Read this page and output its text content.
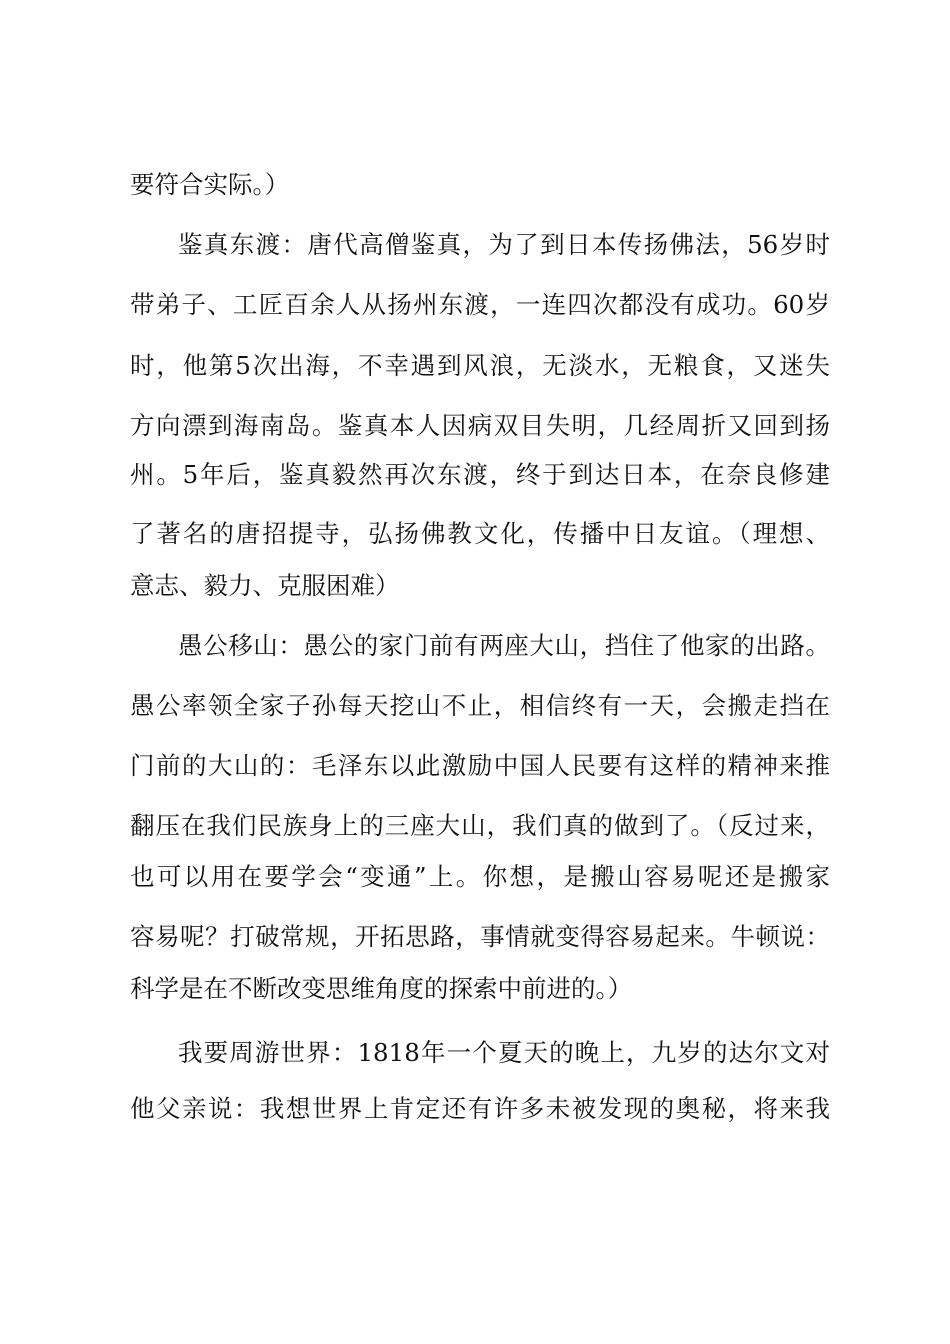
要符合实际。）
鉴真东渡：唐代高僧鉴真，为了到日本传扬佛法，56岁时
带弟子、工匠百余人从扬州东渡，一连四次都没有成功。60岁
时，他第5次出海，不幸遇到风浪，无淡水，无粮食，又迷失
方向漂到海南岛。鉴真本人因病双目失明，几经周折又回到扬
州。5年后，鉴真毅然再次东渡，终于到达日本，在奈良修建
了著名的唐招提寺，弘扬佛教文化，传播中日友谊。（理想、
意志、毅力、克服困难）
愚公移山：愚公的家门前有两座大山，挡住了他家的出路。
愚公率领全家子孙每天挖山不止，相信终有一天，会搬走挡在
门前的大山的：毛泽东以此激励中国人民要有这样的精神来推
翻压在我们民族身上的三座大山，我们真的做到了。（反过来，
也可以用在要学会“变通”上。你想，是搬山容易呢还是搬家
容易呢？打破常规，开拓思路，事情就变得容易起来。牛顿说：
科学是在不断改变思维角度的探索中前进的。）
我要周游世界：1818年一个夏天的晚上，九岁的达尔文对
他父亲说：我想世界上肯定还有许多未被发现的奥秘，将来我
